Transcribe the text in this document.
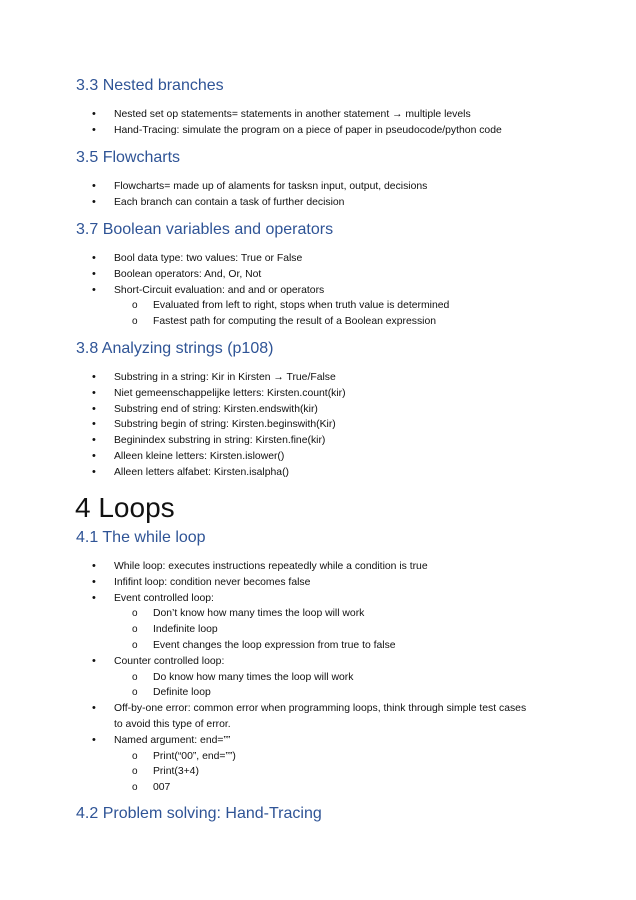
3.3 Nested branches
• Nested set op statements= statements in another statement → multiple levels
• Hand-Tracing: simulate the program on a piece of paper in pseudocode/python code
3.5 Flowcharts
• Flowcharts= made up of alaments for tasksn input, output, decisions
• Each branch can contain a task of further decision
3.7 Boolean variables and operators
• Bool data type: two values: True or False
• Boolean operators: And, Or, Not
• Short-Circuit evaluation: and and or operators
o Evaluated from left to right, stops when truth value is determined
o Fastest path for computing the result of a Boolean expression
3.8 Analyzing strings (p108)
• Substring in a string: Kir in Kirsten → True/False
• Niet gemeenschappelijke letters: Kirsten.count(kir)
• Substring end of string: Kirsten.endswith(kir)
• Substring begin of string: Kirsten.beginswith(Kir)
• Beginindex substring in string: Kirsten.fine(kir)
• Alleen kleine letters: Kirsten.islower()
• Alleen letters alfabet: Kirsten.isalpha()
4 Loops
4.1 The while loop
• While loop: executes instructions repeatedly while a condition is true
• Infifint loop: condition never becomes false
• Event controlled loop:
o Don’t know how many times the loop will work
o Indefinite loop
o Event changes the loop expression from true to false
• Counter controlled loop:
o Do know how many times the loop will work
o Definite loop
• Off-by-one error: common error when programming loops, think through simple test cases
to avoid this type of error.
• Named argument: end=””
o Print(“00”, end=””)
o Print(3+4)
o 007
4.2 Problem solving: Hand-Tracing
